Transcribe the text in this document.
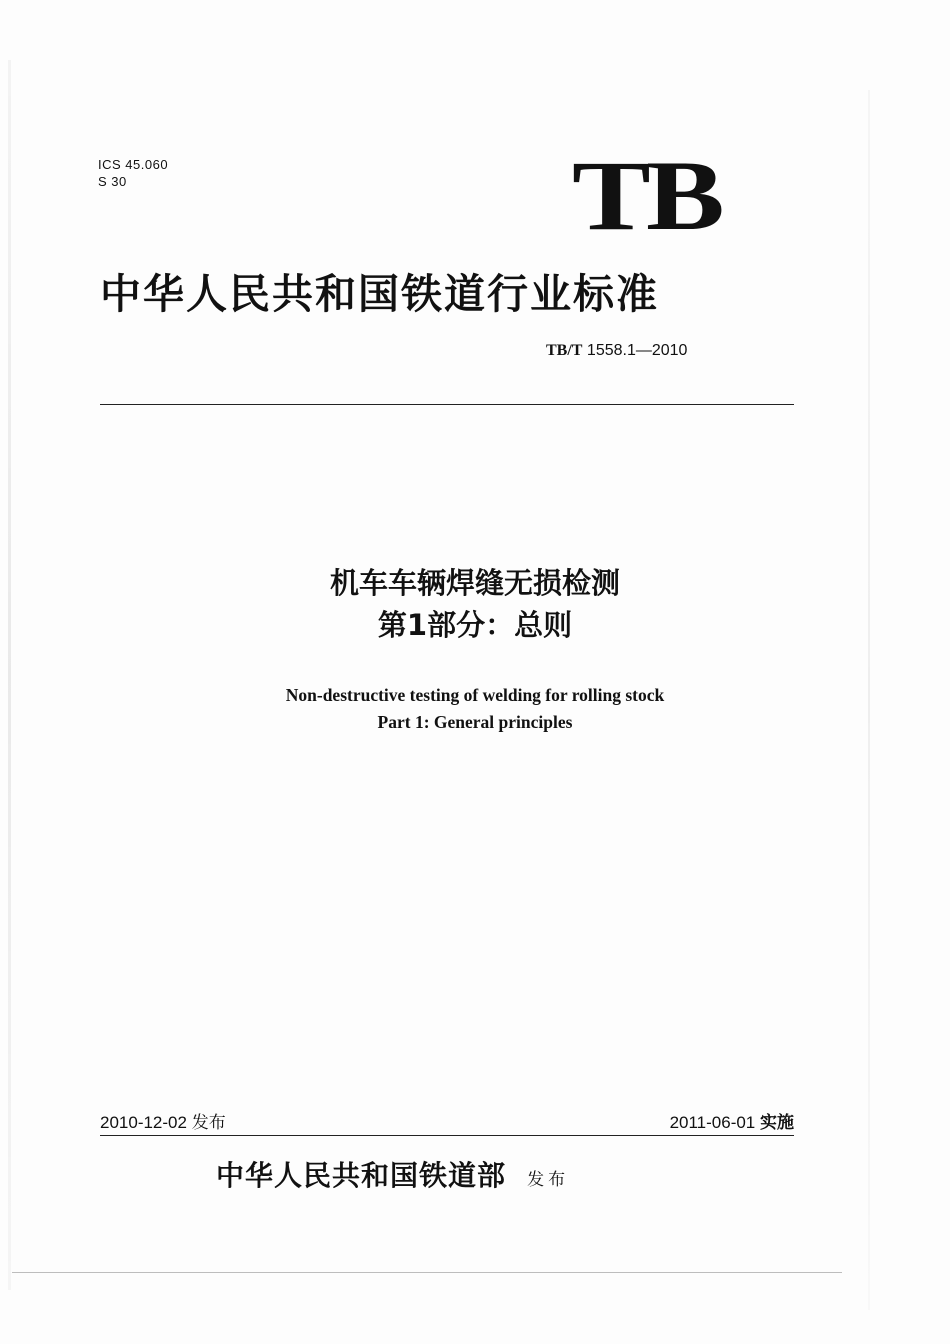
ICS 45.060
S 30	TB
中华人民共和国铁道行业标准
TB/T 1558.1—2010
机车车辆焊缝无损检测
第1部分：总则
Non-destructive testing of welding for rolling stock
Part 1: General principles
2010-12-02 发布	2011-06-01 实施
中华人民共和国铁道部 发布
